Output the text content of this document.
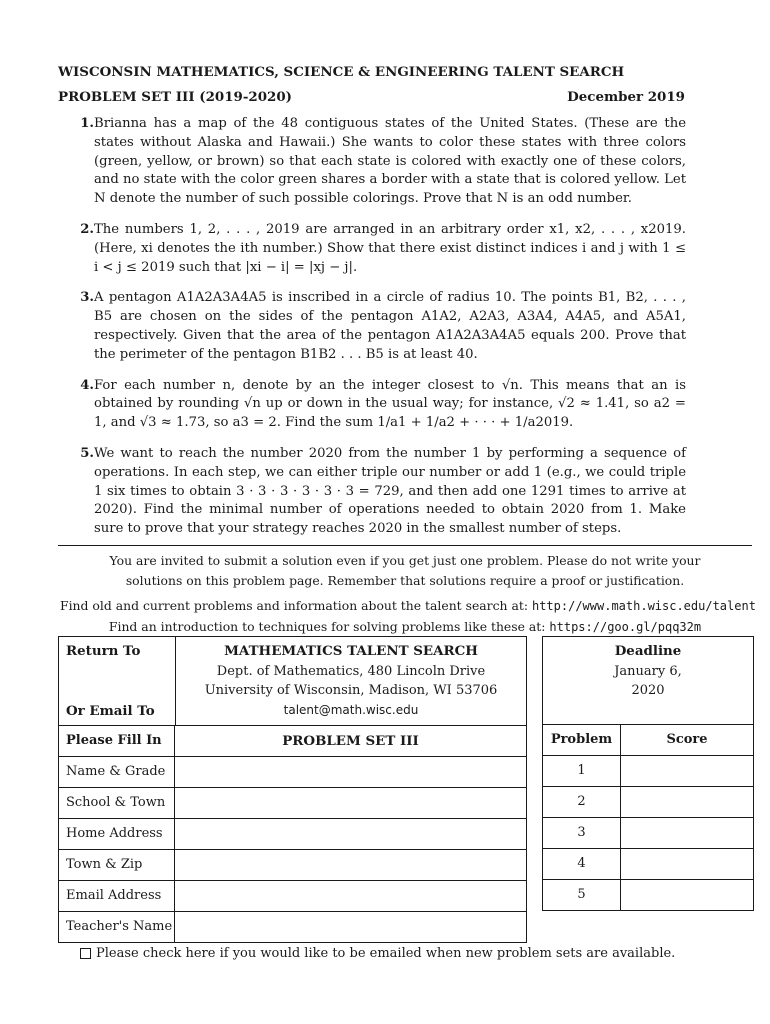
WISCONSIN MATHEMATICS, SCIENCE & ENGINEERING TALENT SEARCH
PROBLEM SET III (2019-2020)	December 2019
1. Brianna has a map of the 48 contiguous states of the United States. (These are the states without Alaska and Hawaii.) She wants to color these states with three colors (green, yellow, or brown) so that each state is colored with exactly one of these colors, and no state with the color green shares a border with a state that is colored yellow. Let N denote the number of such possible colorings. Prove that N is an odd number.
2. The numbers 1, 2, . . . , 2019 are arranged in an arbitrary order x1, x2, . . . , x2019. (Here, xi denotes the ith number.) Show that there exist distinct indices i and j with 1 ≤ i < j ≤ 2019 such that |xi − i| = |xj − j|.
3. A pentagon A1A2A3A4A5 is inscribed in a circle of radius 10. The points B1, B2, . . . , B5 are chosen on the sides of the pentagon A1A2, A2A3, A3A4, A4A5, and A5A1, respectively. Given that the area of the pentagon A1A2A3A4A5 equals 200. Prove that the perimeter of the pentagon B1B2 . . . B5 is at least 40.
4. For each number n, denote by an the integer closest to √n. This means that an is obtained by rounding √n up or down in the usual way; for instance, √2 ≈ 1.41, so a2 = 1, and √3 ≈ 1.73, so a3 = 2. Find the sum 1/a1 + 1/a2 + · · · + 1/a2019.
5. We want to reach the number 2020 from the number 1 by performing a sequence of operations. In each step, we can either triple our number or add 1 (e.g., we could triple 1 six times to obtain 3 · 3 · 3 · 3 · 3 · 3 = 729, and then add one 1291 times to arrive at 2020). Find the minimal number of operations needed to obtain 2020 from 1. Make sure to prove that your strategy reaches 2020 in the smallest number of steps.
You are invited to submit a solution even if you get just one problem. Please do not write your
solutions on this problem page. Remember that solutions require a proof or justification.
Find old and current problems and information about the talent search at: http://www.math.wisc.edu/talent
Find an introduction to techniques for solving problems like these at: https://goo.gl/pqq32m
Return To
Or Email To
MATHEMATICS TALENT SEARCH
Dept. of Mathematics, 480 Lincoln Drive
University of Wisconsin, Madison, WI 53706
talent@math.wisc.edu
Please Fill In	PROBLEM SET III
Name & Grade
School & Town
Home Address
Town & Zip
Email Address
Teacher's Name
Deadline
January 6,
2020
Problem	Score
1
2
3
4
5
Please check here if you would like to be emailed when new problem sets are available.
